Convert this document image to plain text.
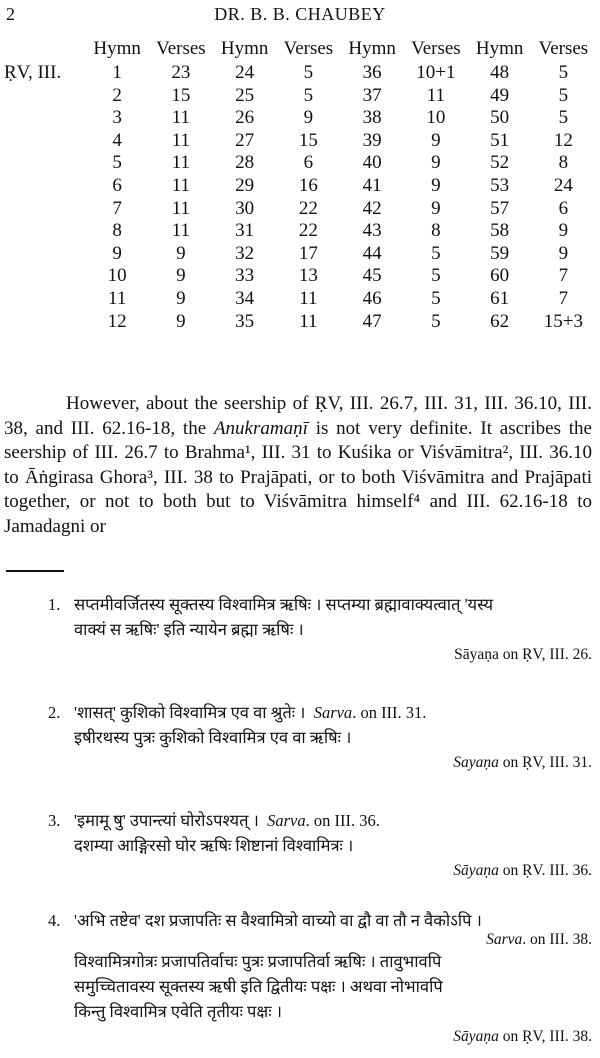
2	DR. B. B. CHAUBEY
	Hymn	Verses	Hymn	Verses	Hymn	Verses	Hymn	Verses
ṚV, III.	1	23	24	5	36	10+1	48	5
	2	15	25	5	37	11	49	5
	3	11	26	9	38	10	50	5
	4	11	27	15	39	9	51	12
	5	11	28	6	40	9	52	8
	6	11	29	16	41	9	53	24
	7	11	30	22	42	9	57	6
	8	11	31	22	43	8	58	9
	9	9	32	17	44	5	59	9
	10	9	33	13	45	5	60	7
	11	9	34	11	46	5	61	7
	12	9	35	11	47	5	62	15+3

However, about the seership of ṚV, III. 26.7, III. 31, III. 36.10, III. 38, and III. 62.16-18, the Anukramaṇī is not very definite. It ascribes the seership of III. 26.7 to Brahma¹, III. 31 to Kuśika or Viśvāmitra², III. 36.10 to Āṅgirasa Ghora³, III. 38 to Prajāpati, or to both Viśvāmitra and Prajāpati together, or not to both but to Viśvāmitra himself⁴ and III. 62.16-18 to Jamadagni or

1. सप्तमीवर्जितस्य सूक्तस्य विश्वामित्र ऋषिः । सप्तम्या ब्रह्मावाक्यत्वात् 'यस्य
वाक्यं स ऋषिः' इति न्यायेन ब्रह्मा ऋषिः ।
Sāyaṇa on ṚV, III. 26.
2. 'शासत्' कुशिको विश्वामित्र एव वा श्रुतेः । Sarva. on III. 31.
इषीरथस्य पुत्रः कुशिको विश्वामित्र एव वा ऋषिः ।
Sayaṇa on ṚV, III. 31.
3. 'इमामू षु' उपान्त्यां घोरोऽपश्यत् । Sarva. on III. 36.
दशम्या आङ्गिरसो घोर ऋषिः शिष्टानां विश्वामित्रः ।
Sāyaṇa on ṚV. III. 36.
4. 'अभि तष्टेव' दश प्रजापतिः स वैश्वामित्रो वाच्यो वा द्वौ वा तौ न वैकोऽपि ।
Sarva. on III. 38.
विश्वामित्रगोत्रः प्रजापतिर्वाचः पुत्रः प्रजापतिर्वा ऋषिः । तावुभावपि
समुच्चितावस्य सूक्तस्य ऋषी इति द्वितीयः पक्षः । अथवा नोभावपि
किन्तु विश्वामित्र एवेति तृतीयः पक्षः ।
Sāyaṇa on ṚV, III. 38.
